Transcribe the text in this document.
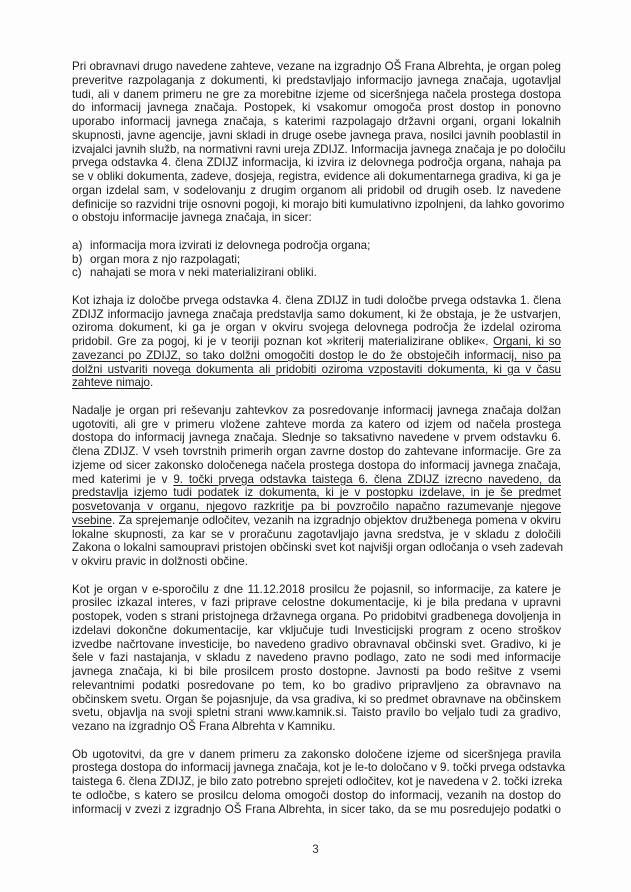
Pri obravnavi drugo navedene zahteve, vezane na izgradnjo OŠ Frana Albrehta, je organ poleg
preveritve razpolaganja z dokumenti, ki predstavljajo informacijo javnega značaja, ugotavljal
tudi, ali v danem primeru ne gre za morebitne izjeme od siceršnjega načela prostega dostopa
do informacij javnega značaja. Postopek, ki vsakomur omogoča prost dostop in ponovno
uporabo informacij javnega značaja, s katerimi razpolagajo državni organi, organi lokalnih
skupnosti, javne agencije, javni skladi in druge osebe javnega prava, nosilci javnih pooblastil in
izvajalci javnih služb, na normativni ravni ureja ZDIJZ. Informacija javnega značaja je po določilu
prvega odstavka 4. člena ZDIJZ informacija, ki izvira iz delovnega področja organa, nahaja pa
se v obliki dokumenta, zadeve, dosjeja, registra, evidence ali dokumentarnega gradiva, ki ga je
organ izdelal sam, v sodelovanju z drugim organom ali pridobil od drugih oseb. Iz navedene
definicije so razvidni trije osnovni pogoji, ki morajo biti kumulativno izpolnjeni, da lahko govorimo
o obstoju informacije javnega značaja, in sicer:
a) informacija mora izvirati iz delovnega področja organa;
b) organ mora z njo razpolagati;
c) nahajati se mora v neki materializirani obliki.
Kot izhaja iz določbe prvega odstavka 4. člena ZDIJZ in tudi določbe prvega odstavka 1. člena
ZDIJZ informacijo javnega značaja predstavlja samo dokument, ki že obstaja, je že ustvarjen,
oziroma dokument, ki ga je organ v okviru svojega delovnega področja že izdelal oziroma
pridobil. Gre za pogoj, ki je v teoriji poznan kot »kriterij materializirane oblike«. Organi, ki so
zavezanci po ZDIJZ, so tako dolžni omogočiti dostop le do že obstoječih informacij, niso pa
dolžni ustvariti novega dokumenta ali pridobiti oziroma vzpostaviti dokumenta, ki ga v času
zahteve nimajo.
Nadalje je organ pri reševanju zahtevkov za posredovanje informacij javnega značaja dolžan
ugotoviti, ali gre v primeru vložene zahteve morda za katero od izjem od načela prostega
dostopa do informacij javnega značaja. Slednje so taksativno navedene v prvem odstavku 6.
člena ZDIJZ. V vseh tovrstnih primerih organ zavrne dostop do zahtevane informacije. Gre za
izjeme od sicer zakonsko določenega načela prostega dostopa do informacij javnega značaja,
med katerimi je v 9. točki prvega odstavka taistega 6. člena ZDIJZ izrecno navedeno, da
predstavlja izjemo tudi podatek iz dokumenta, ki je v postopku izdelave, in je še predmet
posvetovanja v organu, njegovo razkritje pa bi povzročilo napačno razumevanje njegove
vsebine. Za sprejemanje odločitev, vezanih na izgradnjo objektov družbenega pomena v okviru
lokalne skupnosti, za kar se v proračunu zagotavljajo javna sredstva, je v skladu z določili
Zakona o lokalni samoupravi pristojen občinski svet kot najvišji organ odločanja o vseh zadevah
v okviru pravic in dolžnosti občine.
Kot je organ v e-sporočilu z dne 11.12.2018 prosilcu že pojasnil, so informacije, za katere je
prosilec izkazal interes, v fazi priprave celostne dokumentacije, ki je bila predana v upravni
postopek, voden s strani pristojnega državnega organa. Po pridobitvi gradbenega dovoljenja in
izdelavi dokončne dokumentacije, kar vključuje tudi Investicijski program z oceno stroškov
izvedbe načrtovane investicije, bo navedeno gradivo obravnaval občinski svet. Gradivo, ki je
šele v fazi nastajanja, v skladu z navedeno pravno podlago, zato ne sodi med informacije
javnega značaja, ki bi bile prosilcem prosto dostopne. Javnosti pa bodo rešitve z vsemi
relevantnimi podatki posredovane po tem, ko bo gradivo pripravljeno za obravnavo na
občinskem svetu. Organ še pojasnjuje, da vsa gradiva, ki so predmet obravnave na občinskem
svetu, objavlja na svoji spletni strani www.kamnik.si. Taisto pravilo bo veljalo tudi za gradivo,
vezano na izgradnjo OŠ Frana Albrehta v Kamniku.
Ob ugotovitvi, da gre v danem primeru za zakonsko določene izjeme od siceršnjega pravila
prostega dostopa do informacij javnega značaja, kot je le-to določano v 9. točki prvega odstavka
taistega 6. člena ZDIJZ, je bilo zato potrebno sprejeti odločitev, kot je navedena v 2. točki izreka
te odločbe, s katero se prosilcu deloma omogoči dostop do informacij, vezanih na dostop do
informacij v zvezi z izgradnjo OŠ Frana Albrehta, in sicer tako, da se mu posredujejo podatki o
3
